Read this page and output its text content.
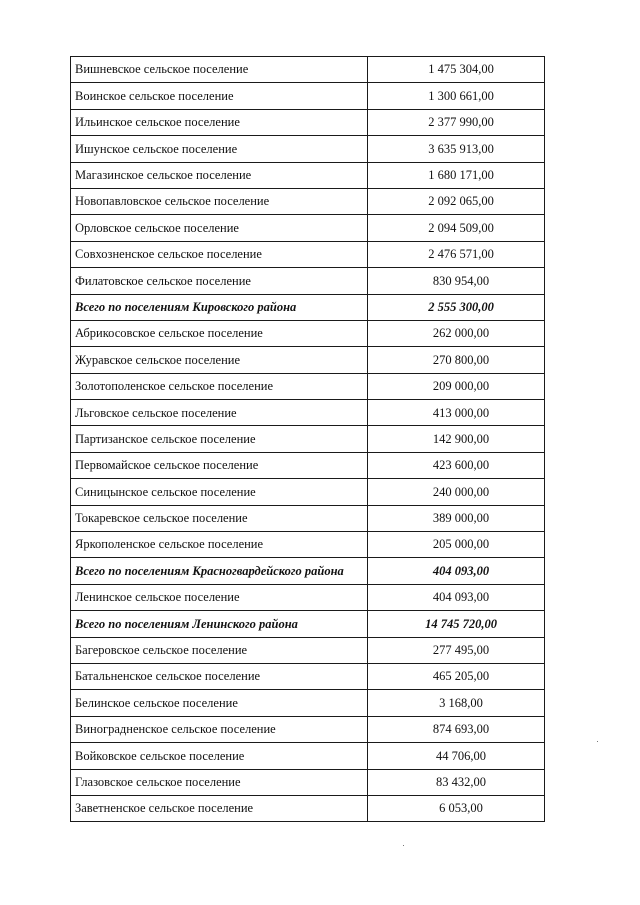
Вишневское сельское поселение	1 475 304,00
Воинское сельское поселение	1 300 661,00
Ильинское сельское поселение	2 377 990,00
Ишунское сельское поселение	3 635 913,00
Магазинское сельское поселение	1 680 171,00
Новопавловское сельское поселение	2 092 065,00
Орловское сельское поселение	2 094 509,00
Совхозненское сельское поселение	2 476 571,00
Филатовское сельское поселение	830 954,00
Всего по поселениям Кировского района	2 555 300,00
Абрикосовское сельское поселение	262 000,00
Журавское сельское поселение	270 800,00
Золотополенское сельское поселение	209 000,00
Льговское сельское поселение	413 000,00
Партизанское сельское поселение	142 900,00
Первомайское сельское поселение	423 600,00
Синицынское сельское поселение	240 000,00
Токаревское сельское поселение	389 000,00
Яркополенское сельское поселение	205 000,00
Всего по поселениям Красногвардейского района	404 093,00
Ленинское сельское поселение	404 093,00
Всего по поселениям Ленинского района	14 745 720,00
Багеровское сельское поселение	277 495,00
Батальненское сельское поселение	465 205,00
Белинское сельское поселение	3 168,00
Виноградненское сельское поселение	874 693,00
Войковское сельское поселение	44 706,00
Глазовское сельское поселение	83 432,00
Заветненское сельское поселение	6 053,00
